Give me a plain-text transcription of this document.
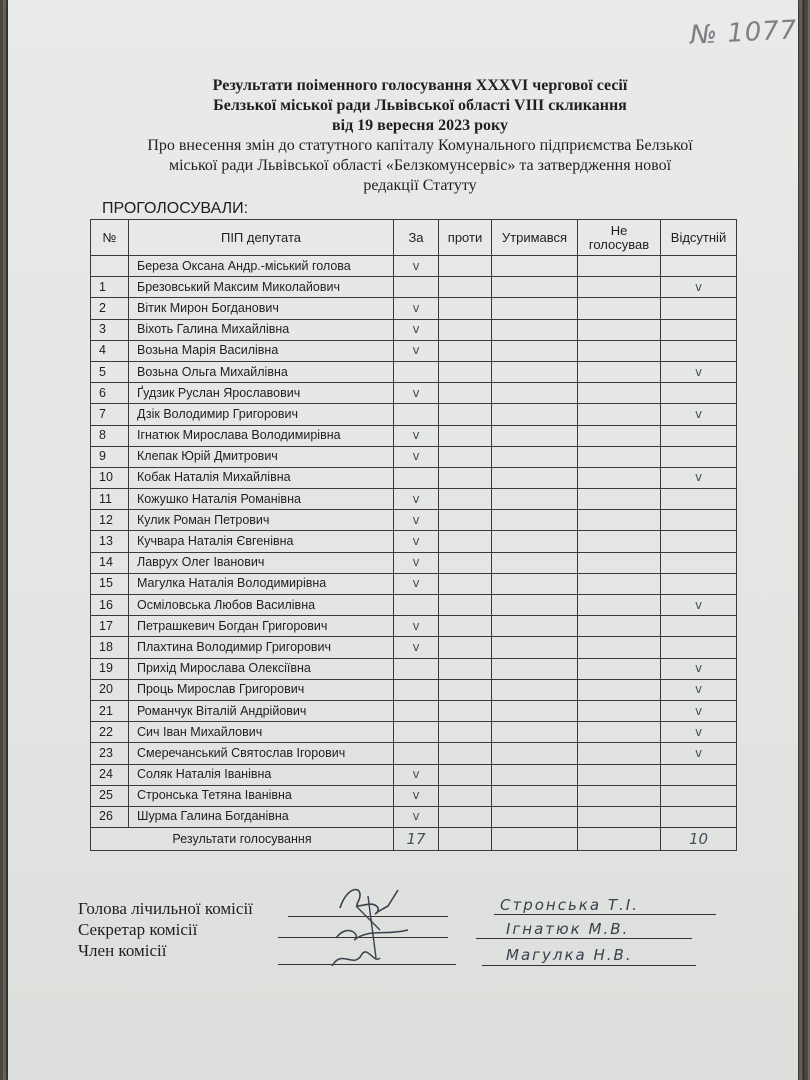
№ 1077
Результати поіменного голосування XXXVI чергової сесії
Белзької міської ради Львівської області VIII скликання
від 19 вересня 2023 року
Про внесення змін до статутного капіталу Комунального підприємства Белзької
міської ради Львівської області «Белзкомунсервіс» та затвердження нової
редакції Статуту
ПРОГОЛОСУВАЛИ:
№	ПІП депутата	За	проти	Утримався	Не голосував	Відсутній
	Береза Оксана Андр.-міський голова	v				
1	Брезовський Максим Миколайович					v
2	Вітик Мирон Богданович	v				
3	Віхоть Галина Михайлівна	v				
4	Возьна Марія Василівна	v				
5	Возьна Ольга Михайлівна					v
6	Ґудзик Руслан Ярославович	v				
7	Дзік Володимир Григорович					v
8	Ігнатюк Мирослава Володимирівна	v				
9	Клепак Юрій Дмитрович	v				
10	Кобак Наталія Михайлівна					v
11	Кожушко Наталія Романівна	v				
12	Кулик Роман Петрович	v				
13	Кучвара Наталія Євгенівна	v				
14	Лаврух Олег Іванович	v				
15	Магулка Наталія Володимирівна	v				
16	Осміловська Любов Василівна					v
17	Петрашкевич Богдан Григорович	v				
18	Плахтина Володимир Григорович	v				
19	Прихід Мирослава Олексіївна					v
20	Проць Мирослав Григорович					v
21	Романчук Віталій Андрійович					v
22	Сич Іван Михайлович					v
23	Смеречанський Святослав Ігорович					v
24	Соляк Наталія Іванівна	v				
25	Стронська Тетяна Іванівна	v				
26	Шурма Галина Богданівна	v				
Результати голосування		17				10
Голова лічильної комісії
Секретар комісії
Член комісії
Стронська Т.І.
Ігнатюк М.В.
Магулка Н.В.
